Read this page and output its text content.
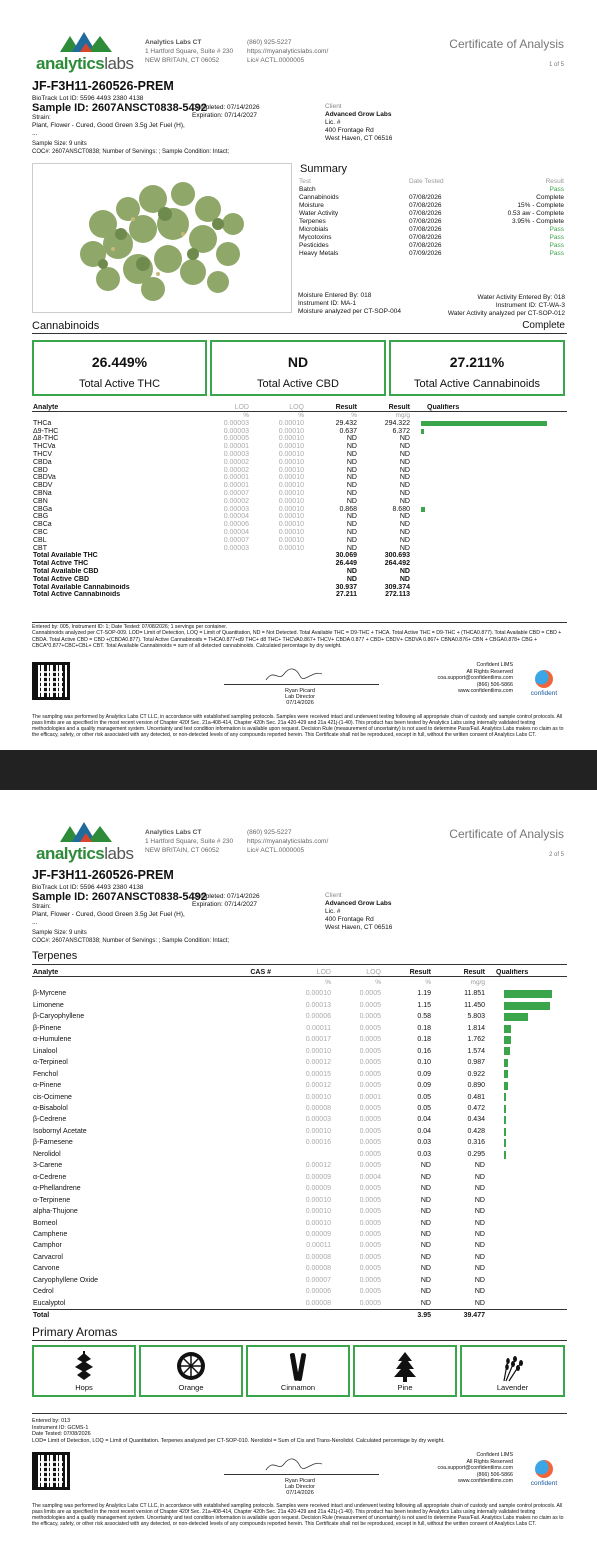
analyticslabs
Analytics Labs CT
1 Hartford Square, Suite # 230
NEW BRITAIN, CT 06052
(860) 925-5227
https://myanalyticslabs.com/
Lic# ACTL.0000005
Certificate of Analysis
1 of 5
JF-F3H11-260526-PREM
BioTrack Lot ID: 5596 4493 2380 4138
Sample ID: 2607ANSCT0838-5492
Completed: 07/14/2026
Expiration: 07/14/2027
Strain:
Plant, Flower - Cured, Good Green 3.5g Jet Fuel (H),
...
Client
Advanced Grow Labs
Lic. #
400 Frontage Rd
West Haven, CT 06516
Sample Size: 9 units
COC#: 2607ANSCT0838; Number of Servings: ; Sample Condition: Intact;
Summary
Test	Date Tested	Result
Batch		Pass
Cannabinoids	07/08/2026	Complete
Moisture	07/08/2026	15% - Complete
Water Activity	07/08/2026	0.53 aw - Complete
Terpenes	07/08/2026	3.95% - Complete
Microbials	07/08/2026	Pass
Mycotoxins	07/08/2026	Pass
Pesticides	07/08/2026	Pass
Heavy Metals	07/09/2026	Pass
Moisture Entered By: 018
Instrument ID: MA-1
Moisture analyzed per CT-SOP-004
Water Activity Entered By: 018
Instrument ID: CT-WA-3
Water Activity analyzed per CT-SOP-012
Cannabinoids	Complete
26.449%
Total Active THC
ND
Total Active CBD
27.211%
Total Active Cannabinoids
Analyte	LOD	LOQ	Result	Result	Qualifiers
	%	%	%	mg/g	
THCa	0.00003	0.00010	29.432	294.322	

Δ9-THC	0.00003	0.00010	0.637	6.372	

Δ8-THC	0.00005	0.00010	ND	ND	
THCVa	0.00001	0.00010	ND	ND	
THCV	0.00003	0.00010	ND	ND	
CBDa	0.00002	0.00010	ND	ND	
CBD	0.00002	0.00010	ND	ND	
CBDVa	0.00001	0.00010	ND	ND	
CBDV	0.00001	0.00010	ND	ND	
CBNa	0.00007	0.00010	ND	ND	
CBN	0.00002	0.00010	ND	ND	
CBGa	0.00003	0.00010	0.868	8.680	

CBG	0.00004	0.00010	ND	ND	
CBCa	0.00006	0.00010	ND	ND	
CBC	0.00004	0.00010	ND	ND	
CBL	0.00007	0.00010	ND	ND	
CBT	0.00003	0.00010	ND	ND	
Total Available THC			30.069	300.693	
Total Active THC			26.449	264.492	
Total Available CBD			ND	ND	
Total Active CBD			ND	ND	
Total Available Cannabinoids			30.937	309.374	
Total Active Cannabinoids			27.211	272.113	
Entered by: 005, Instrument ID: 1; Date Tested: 07/08/2026; 1 servings per container.
Cannabinoids analyzed per CT-SOP-009. LOD= Limit of Detection, LOQ = Limit of Quantitation, ND = Not Detected. Total Available THC = D9-THC + THCA. Total Active THC = D9-THC + (THCA0.877). Total Available CBD = CBD + CBDA. Total Active CBD = CBD +(CBDA0.877). Total Active Cannabinoids = THCA0.877+d9 THC+ d8 THC+ THCVA0.867+ THCV+ CBDA 0.877 + CBD+ CBDV+ CBDVA 0.867+ CBNA0.876+ CBN + CBGA0.878+ CBG + CBCA*0.877+CBC+CBL+ CBT. Total Available Cannabinoids = sum of all detected cannabinoids. Calculated percentage by dry weight.
Ryan Picard
Lab Director
07/14/2026
Confident LIMS
All Rights Reserved
coa.support@confidentlims.com
(866) 506-5866
www.confidentlims.com	confident
The sampling was performed by Analytics Labs CT LLC, in accordance with established sampling protocols. Samples were received intact and underwent testing following all appropriate chain of custody and sample control protocols. All pass limits are as specified in the most recent version of Chapter 420f Sec. 21a-408-414, Chapter 420h Sec. 21a 420-429 and 21a 421j-(1-40). This product has been tested by Analytics Labs using internally validated testing methodologies and a quality management system. Uncertainty and test condition information is available upon request. Decision Rule (measurement of uncertainty) is not used to determine Pass/Fail. Analytics Labs makes no claim as to the efficacy, safety, or other risk associated with any detected, or non-detected levels of any compounds reported herein. This Certificate shall not be reproduced, except in full, without the written consent of Analytics Labs CT.
analyticslabs
Analytics Labs CT
1 Hartford Square, Suite # 230
NEW BRITAIN, CT 06052
(860) 925-5227
https://myanalyticslabs.com/
Lic# ACTL.0000005
Certificate of Analysis
2 of 5
JF-F3H11-260526-PREM
BioTrack Lot ID: 5596 4493 2380 4138
Sample ID: 2607ANSCT0838-5492
Completed: 07/14/2026
Expiration: 07/14/2027
Strain:
Plant, Flower - Cured, Good Green 3.5g Jet Fuel (H),
...
Client
Advanced Grow Labs
Lic. #
400 Frontage Rd
West Haven, CT 06516
Sample Size: 9 units
COC#: 2607ANSCT0838; Number of Servings: ; Sample Condition: Intact;
Terpenes
Analyte	CAS #	LOD	LOQ	Result	Result	Qualifiers
		%	%	%	mg/g	
β-Myrcene		0.00010	0.0005	1.19	11.851	

Limonene		0.00013	0.0005	1.15	11.450	

β-Caryophyllene		0.00006	0.0005	0.58	5.803	

β-Pinene		0.00011	0.0005	0.18	1.814	

α-Humulene		0.00017	0.0005	0.18	1.762	

Linalool		0.00010	0.0005	0.16	1.574	

α-Terpineol		0.00012	0.0005	0.10	0.987	

Fenchol		0.00015	0.0005	0.09	0.922	

α-Pinene		0.00012	0.0005	0.09	0.890	

cis-Ocimene		0.00010	0.0001	0.05	0.481	

α-Bisabolol		0.00008	0.0005	0.05	0.472	

β-Cedrene		0.00003	0.0005	0.04	0.434	

Isobornyl Acetate		0.00010	0.0005	0.04	0.428	

β-Farnesene		0.00016	0.0005	0.03	0.316	

Nerolidol			0.0005	0.03	0.295	

3-Carene		0.00012	0.0005	ND	ND	
α-Cedrene		0.00009	0.0004	ND	ND	
α-Phellandrene		0.00009	0.0005	ND	ND	
α-Terpinene		0.00010	0.0005	ND	ND	
alpha-Thujone		0.00010	0.0005	ND	ND	
Borneol		0.00010	0.0005	ND	ND	
Camphene		0.00009	0.0005	ND	ND	
Camphor		0.00011	0.0005	ND	ND	
Carvacrol		0.00008	0.0005	ND	ND	
Carvone		0.00008	0.0005	ND	ND	
Caryophyllene Oxide		0.00007	0.0005	ND	ND	
Cedrol		0.00006	0.0005	ND	ND	
Eucalyptol		0.00008	0.0005	ND	ND	
Total				3.95	39.477	
Primary Aromas
Hops	Orange	Cinnamon	Pine	Lavender
Entered by: 013
Instrument ID: GCMS-1
Date Tested: 07/08/2026
LOD= Limit of Detection, LOQ = Limit of Quantitation. Terpenes analyzed per CT-SOP-010. Nerolidol = Sum of Cis and Trans-Nerolidol. Calculated percentage by dry weight.
Ryan Picard
Lab Director
07/14/2026
Confident LIMS
All Rights Reserved
coa.support@confidentlims.com
(866) 506-5866
www.confidentlims.com	confident
The sampling was performed by Analytics Labs CT LLC, in accordance with established sampling protocols. Samples were received intact and underwent testing following all appropriate chain of custody and sample control protocols. All pass limits are as specified in the most recent version of Chapter 420f Sec. 21a-408-414, Chapter 420h Sec. 21a 420-429 and 21a 421j-(1-40). This product has been tested by Analytics Labs using internally validated testing methodologies and a quality management system. Uncertainty and test condition information is available upon request. Decision Rule (measurement of uncertainty) is not used to determine Pass/Fail. Analytics Labs makes no claim as to the efficacy, safety, or other risk associated with any detected, or non-detected levels of any compounds reported herein. This Certificate shall not be reproduced, except in full, without the written consent of Analytics Labs CT.
